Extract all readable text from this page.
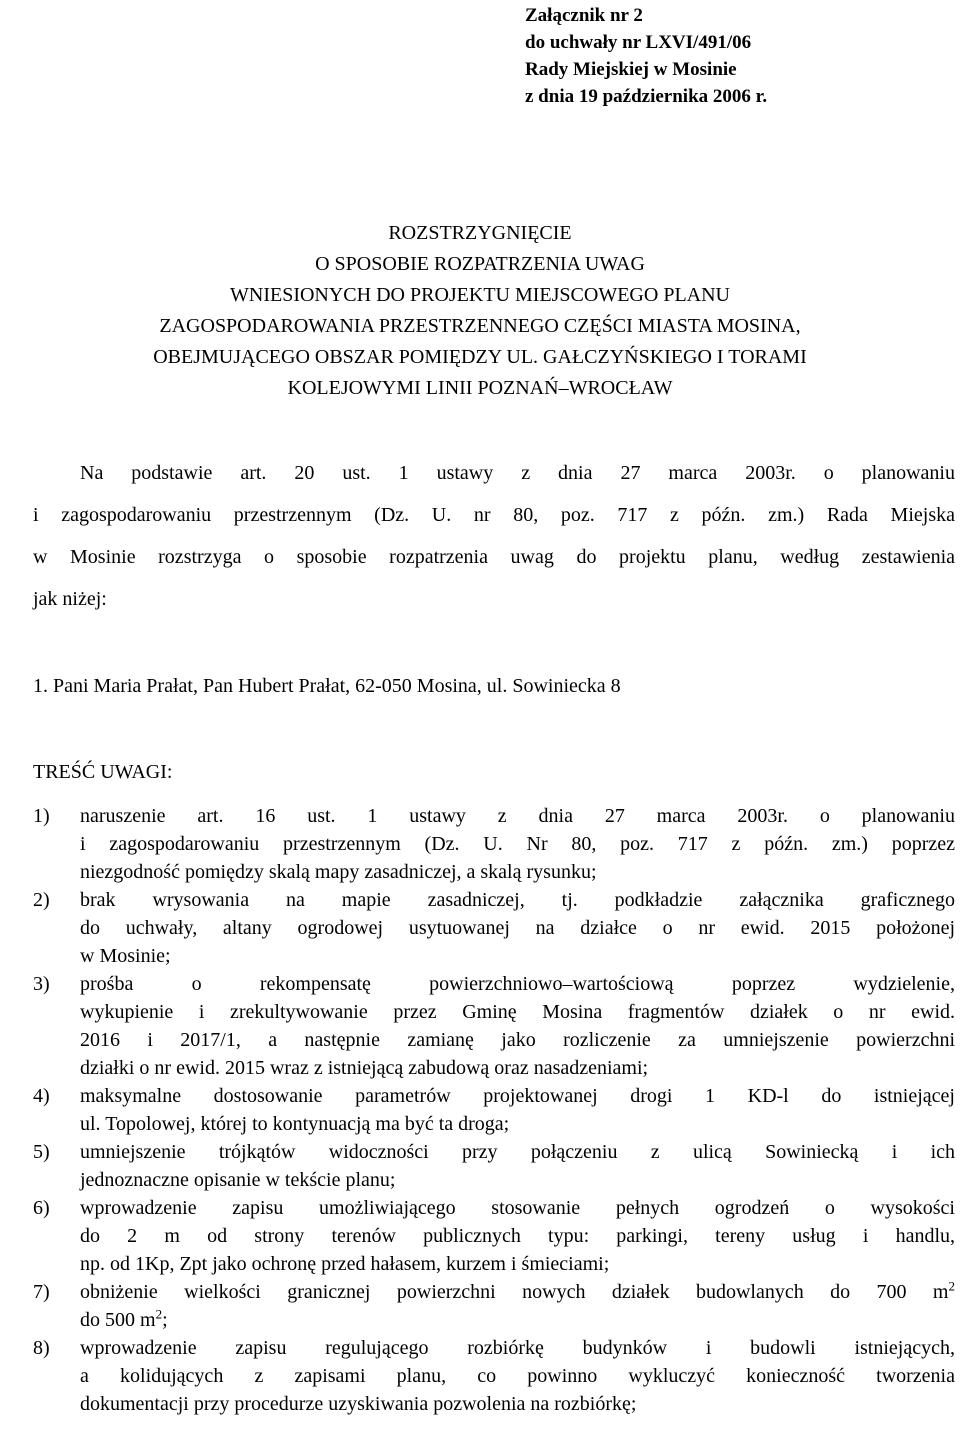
Załącznik nr 2
do uchwały nr LXVI/491/06
Rady Miejskiej w Mosinie
z dnia 19 października 2006 r.
ROZSTRZYGNIĘCIE
O SPOSOBIE ROZPATRZENIA UWAG
WNIESIONYCH DO PROJEKTU MIEJSCOWEGO PLANU
ZAGOSPODAROWANIA PRZESTRZENNEGO CZĘŚCI MIASTA MOSINA,
OBEJMUJĄCEGO OBSZAR POMIĘDZY UL. GAŁCZYŃSKIEGO I TORAMI
KOLEJOWYMI LINII POZNAŃ–WROCŁAW
Na podstawie art. 20 ust. 1 ustawy z dnia 27 marca 2003r. o planowaniu
i zagospodarowaniu przestrzennym (Dz. U. nr 80, poz. 717 z późn. zm.) Rada Miejska
w Mosinie rozstrzyga o sposobie rozpatrzenia uwag do projektu planu, według zestawienia
jak niżej:
1. Pani Maria Prałat, Pan Hubert Prałat, 62-050 Mosina, ul. Sowiniecka 8
TREŚĆ UWAGI:
1) naruszenie art. 16 ust. 1 ustawy z dnia 27 marca 2003r. o planowaniu
i zagospodarowaniu przestrzennym (Dz. U. Nr 80, poz. 717 z późn. zm.) poprzez
niezgodność pomiędzy skalą mapy zasadniczej, a skalą rysunku;
2) brak wrysowania na mapie zasadniczej, tj. podkładzie załącznika graficznego
do uchwały, altany ogrodowej usytuowanej na działce o nr ewid. 2015 położonej
w Mosinie;
3) prośba o rekompensatę powierzchniowo–wartościową poprzez wydzielenie,
wykupienie i zrekultywowanie przez Gminę Mosina fragmentów działek o nr ewid.
2016 i 2017/1, a następnie zamianę jako rozliczenie za umniejszenie powierzchni
działki o nr ewid. 2015 wraz z istniejącą zabudową oraz nasadzeniami;
4) maksymalne dostosowanie parametrów projektowanej drogi 1 KD-l do istniejącej
ul. Topolowej, której to kontynuacją ma być ta droga;
5) umniejszenie trójkątów widoczności przy połączeniu z ulicą Sowiniecką i ich
jednoznaczne opisanie w tekście planu;
6) wprowadzenie zapisu umożliwiającego stosowanie pełnych ogrodzeń o wysokości
do 2 m od strony terenów publicznych typu: parkingi, tereny usług i handlu,
np. od 1Kp, Zpt jako ochronę przed hałasem, kurzem i śmieciami;
7) obniżenie wielkości granicznej powierzchni nowych działek budowlanych do 700 $m^2$
do 500 $m^2$;
8) wprowadzenie zapisu regulującego rozbiórkę budynków i budowli istniejących,
a kolidujących z zapisami planu, co powinno wykluczyć konieczność tworzenia
dokumentacji przy procedurze uzyskiwania pozwolenia na rozbiórkę;
